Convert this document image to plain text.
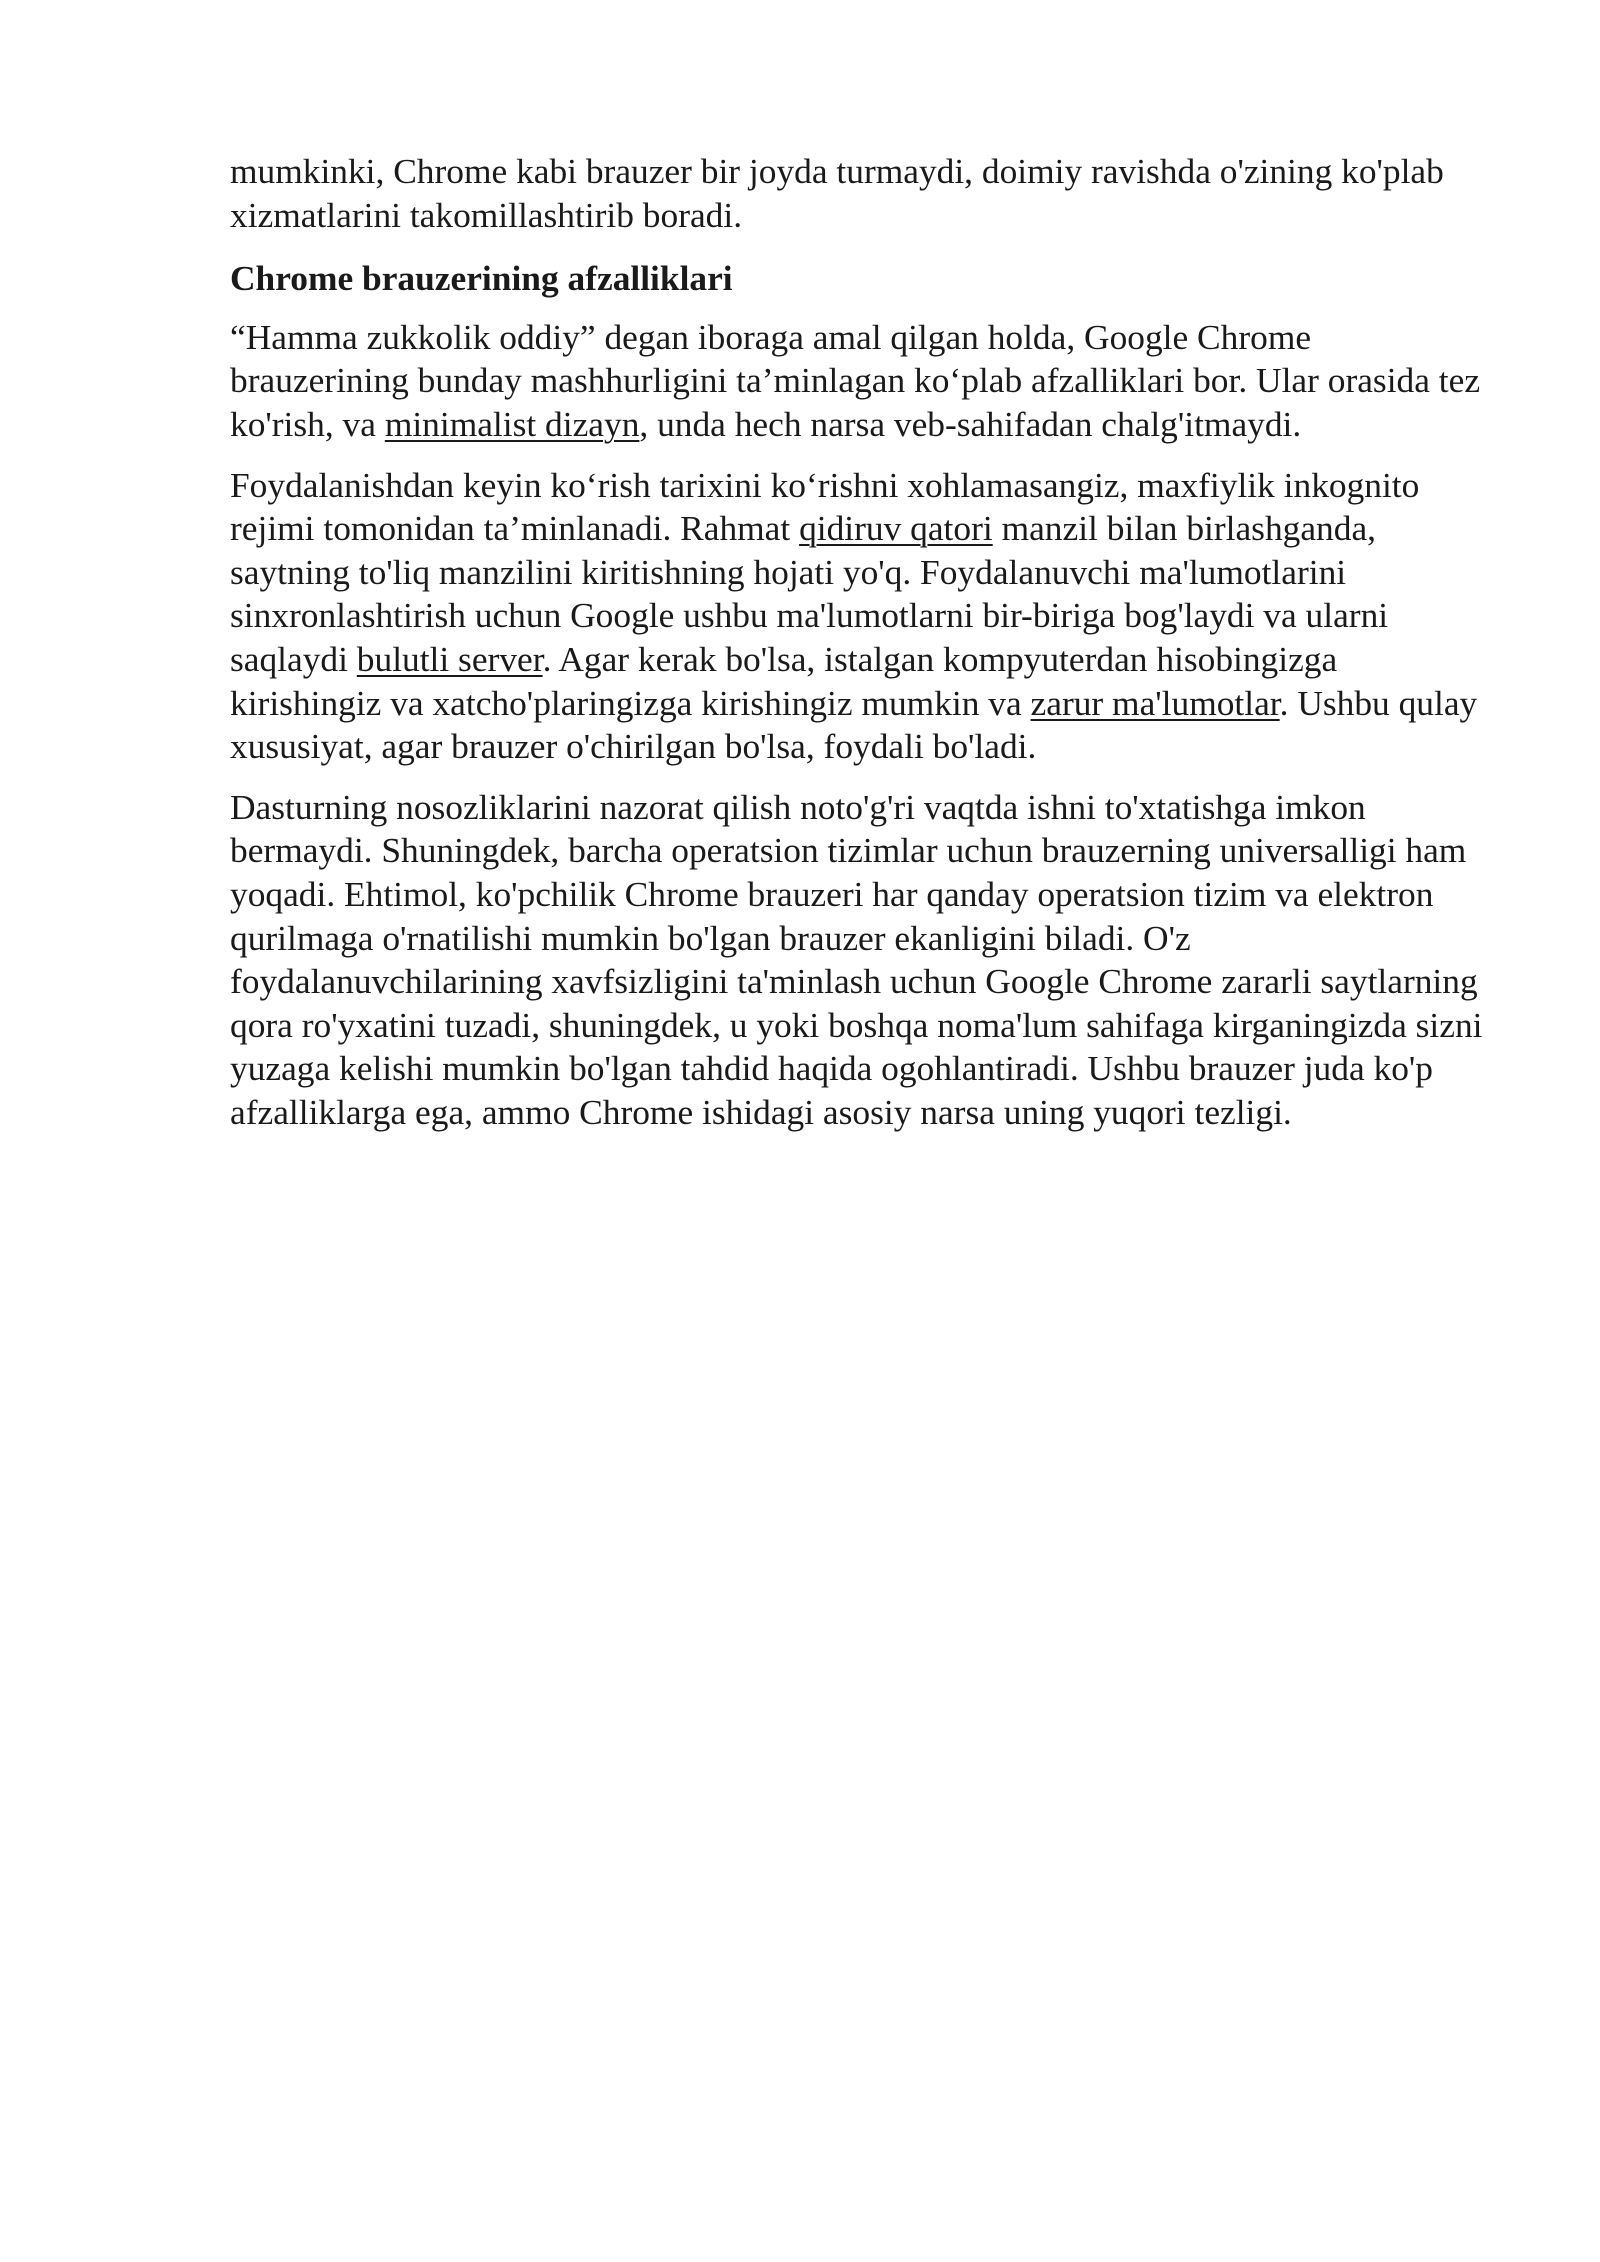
mumkinki, Chrome kabi brauzer bir joyda turmaydi, doimiy ravishda o'zining ko'plab xizmatlarini takomillashtirib boradi.

Chrome brauzerining afzalliklari

“Hamma zukkolik oddiy” degan iboraga amal qilgan holda, Google Chrome brauzerining bunday mashhurligini ta’minlagan ko‘plab afzalliklari bor. Ular orasida tez ko'rish, va minimalist dizayn, unda hech narsa veb-sahifadan chalg'itmaydi.

Foydalanishdan keyin ko‘rish tarixini ko‘rishni xohlamasangiz, maxfiylik inkognito rejimi tomonidan ta’minlanadi. Rahmat qidiruv qatori manzil bilan birlashganda, saytning to'liq manzilini kiritishning hojati yo'q. Foydalanuvchi ma'lumotlarini sinxronlashtirish uchun Google ushbu ma'lumotlarni bir-biriga bog'laydi va ularni saqlaydi bulutli server. Agar kerak bo'lsa, istalgan kompyuterdan hisobingizga kirishingiz va xatcho'plaringizga kirishingiz mumkin va zarur ma'lumotlar. Ushbu qulay xususiyat, agar brauzer o'chirilgan bo'lsa, foydali bo'ladi.

Dasturning nosozliklarini nazorat qilish noto'g'ri vaqtda ishni to'xtatishga imkon bermaydi. Shuningdek, barcha operatsion tizimlar uchun brauzerning universalligi ham yoqadi. Ehtimol, ko'pchilik Chrome brauzeri har qanday operatsion tizim va elektron qurilmaga o'rnatilishi mumkin bo'lgan brauzer ekanligini biladi. O'z foydalanuvchilarining xavfsizligini ta'minlash uchun Google Chrome zararli saytlarning qora ro'yxatini tuzadi, shuningdek, u yoki boshqa noma'lum sahifaga kirganingizda sizni yuzaga kelishi mumkin bo'lgan tahdid haqida ogohlantiradi. Ushbu brauzer juda ko'p afzalliklarga ega, ammo Chrome ishidagi asosiy narsa uning yuqori tezligi.
